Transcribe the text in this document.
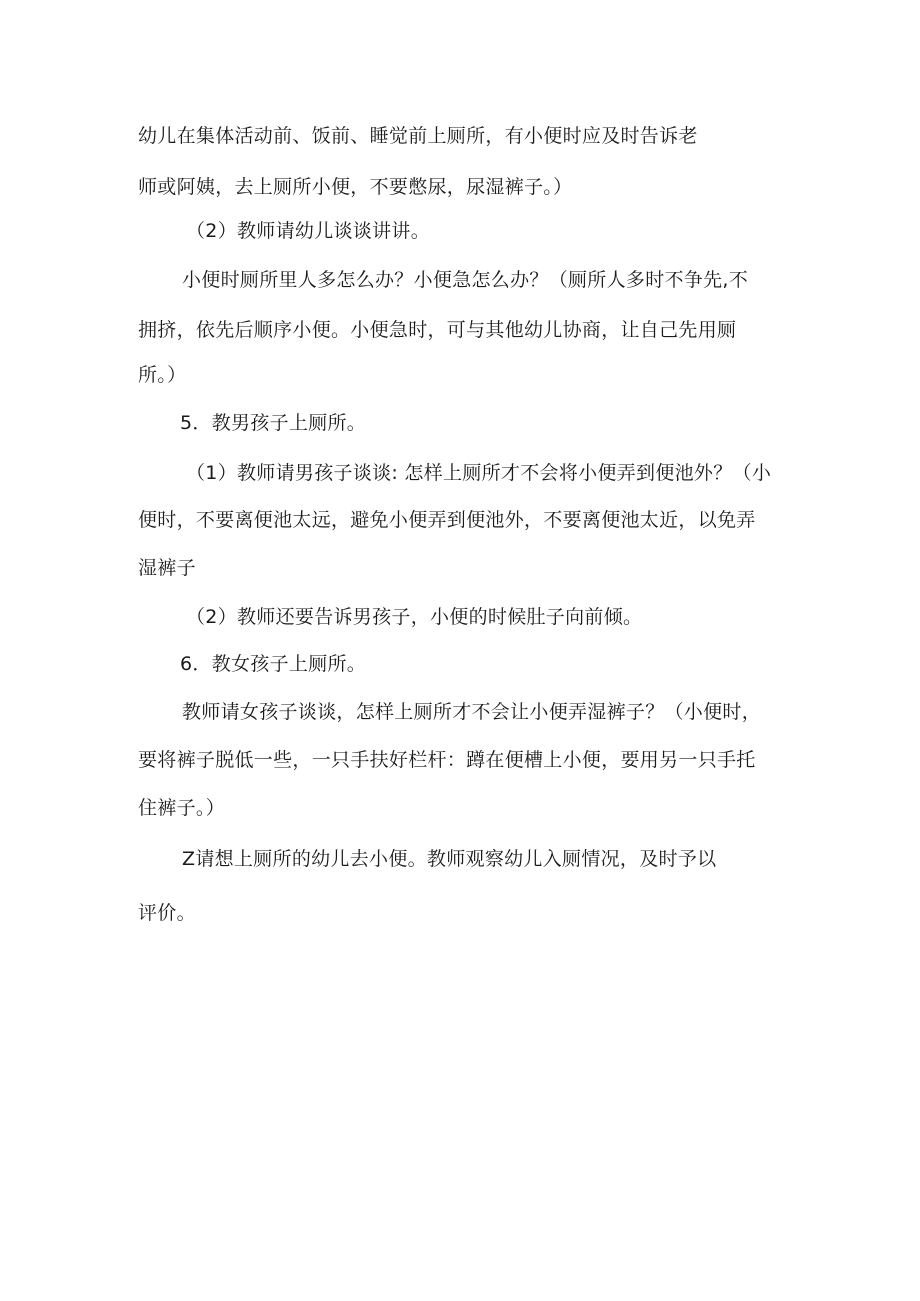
幼儿在集体活动前、饭前、睡觉前上厕所，有小便时应及时告诉老
师或阿姨，去上厕所小便，不要憋尿，尿湿裤子。）
（2）教师请幼儿谈谈讲讲。
小便时厕所里人多怎么办？小便急怎么办？（厕所人多时不争先,不
拥挤，依先后顺序小便。小便急时，可与其他幼儿协商，让自己先用厕
所。）
5．教男孩子上厕所。
（1）教师请男孩子谈谈: 怎样上厕所才不会将小便弄到便池外？（小
便时，不要离便池太远，避免小便弄到便池外，不要离便池太近，以免弄
湿裤子
（2）教师还要告诉男孩子，小便的时候肚子向前倾。
6．教女孩子上厕所。
教师请女孩子谈谈，怎样上厕所才不会让小便弄湿裤子？（小便时，
要将裤子脱低一些，一只手扶好栏杆：蹲在便槽上小便，要用另一只手托
住裤子。）
Z请想上厕所的幼儿去小便。教师观察幼儿入厕情况，及时予以
评价。
